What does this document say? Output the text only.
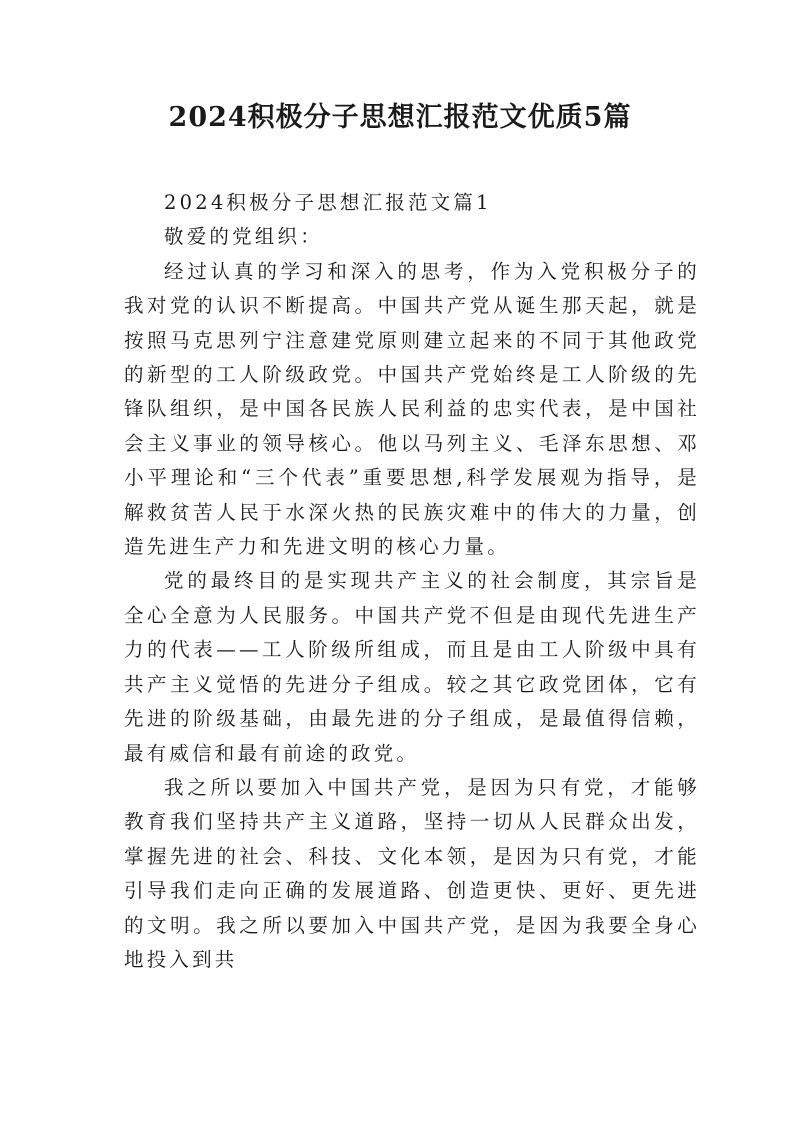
2024积极分子思想汇报范文优质5篇
2024积极分子思想汇报范文篇1
敬爱的党组织：

经过认真的学习和深入的思考，作为入党积极分子的我对党的认识不断提高。中国共产党从诞生那天起，就是按照马克思列宁注意建党原则建立起来的不同于其他政党的新型的工人阶级政党。中国共产党始终是工人阶级的先锋队组织，是中国各民族人民利益的忠实代表，是中国社会主义事业的领导核心。他以马列主义、毛泽东思想、邓小平理论和“三个代表”重要思想,科学发展观为指导，是解救贫苦人民于水深火热的民族灾难中的伟大的力量，创造先进生产力和先进文明的核心力量。

党的最终目的是实现共产主义的社会制度，其宗旨是全心全意为人民服务。中国共产党不但是由现代先进生产力的代表——工人阶级所组成，而且是由工人阶级中具有共产主义觉悟的先进分子组成。较之其它政党团体，它有先进的阶级基础，由最先进的分子组成，是最值得信赖，最有威信和最有前途的政党。

我之所以要加入中国共产党，是因为只有党，才能够教育我们坚持共产主义道路，坚持一切从人民群众出发，掌握先进的社会、科技、文化本领，是因为只有党，才能引导我们走向正确的发展道路、创造更快、更好、更先进的文明。我之所以要加入中国共产党，是因为我要全身心地投入到共
